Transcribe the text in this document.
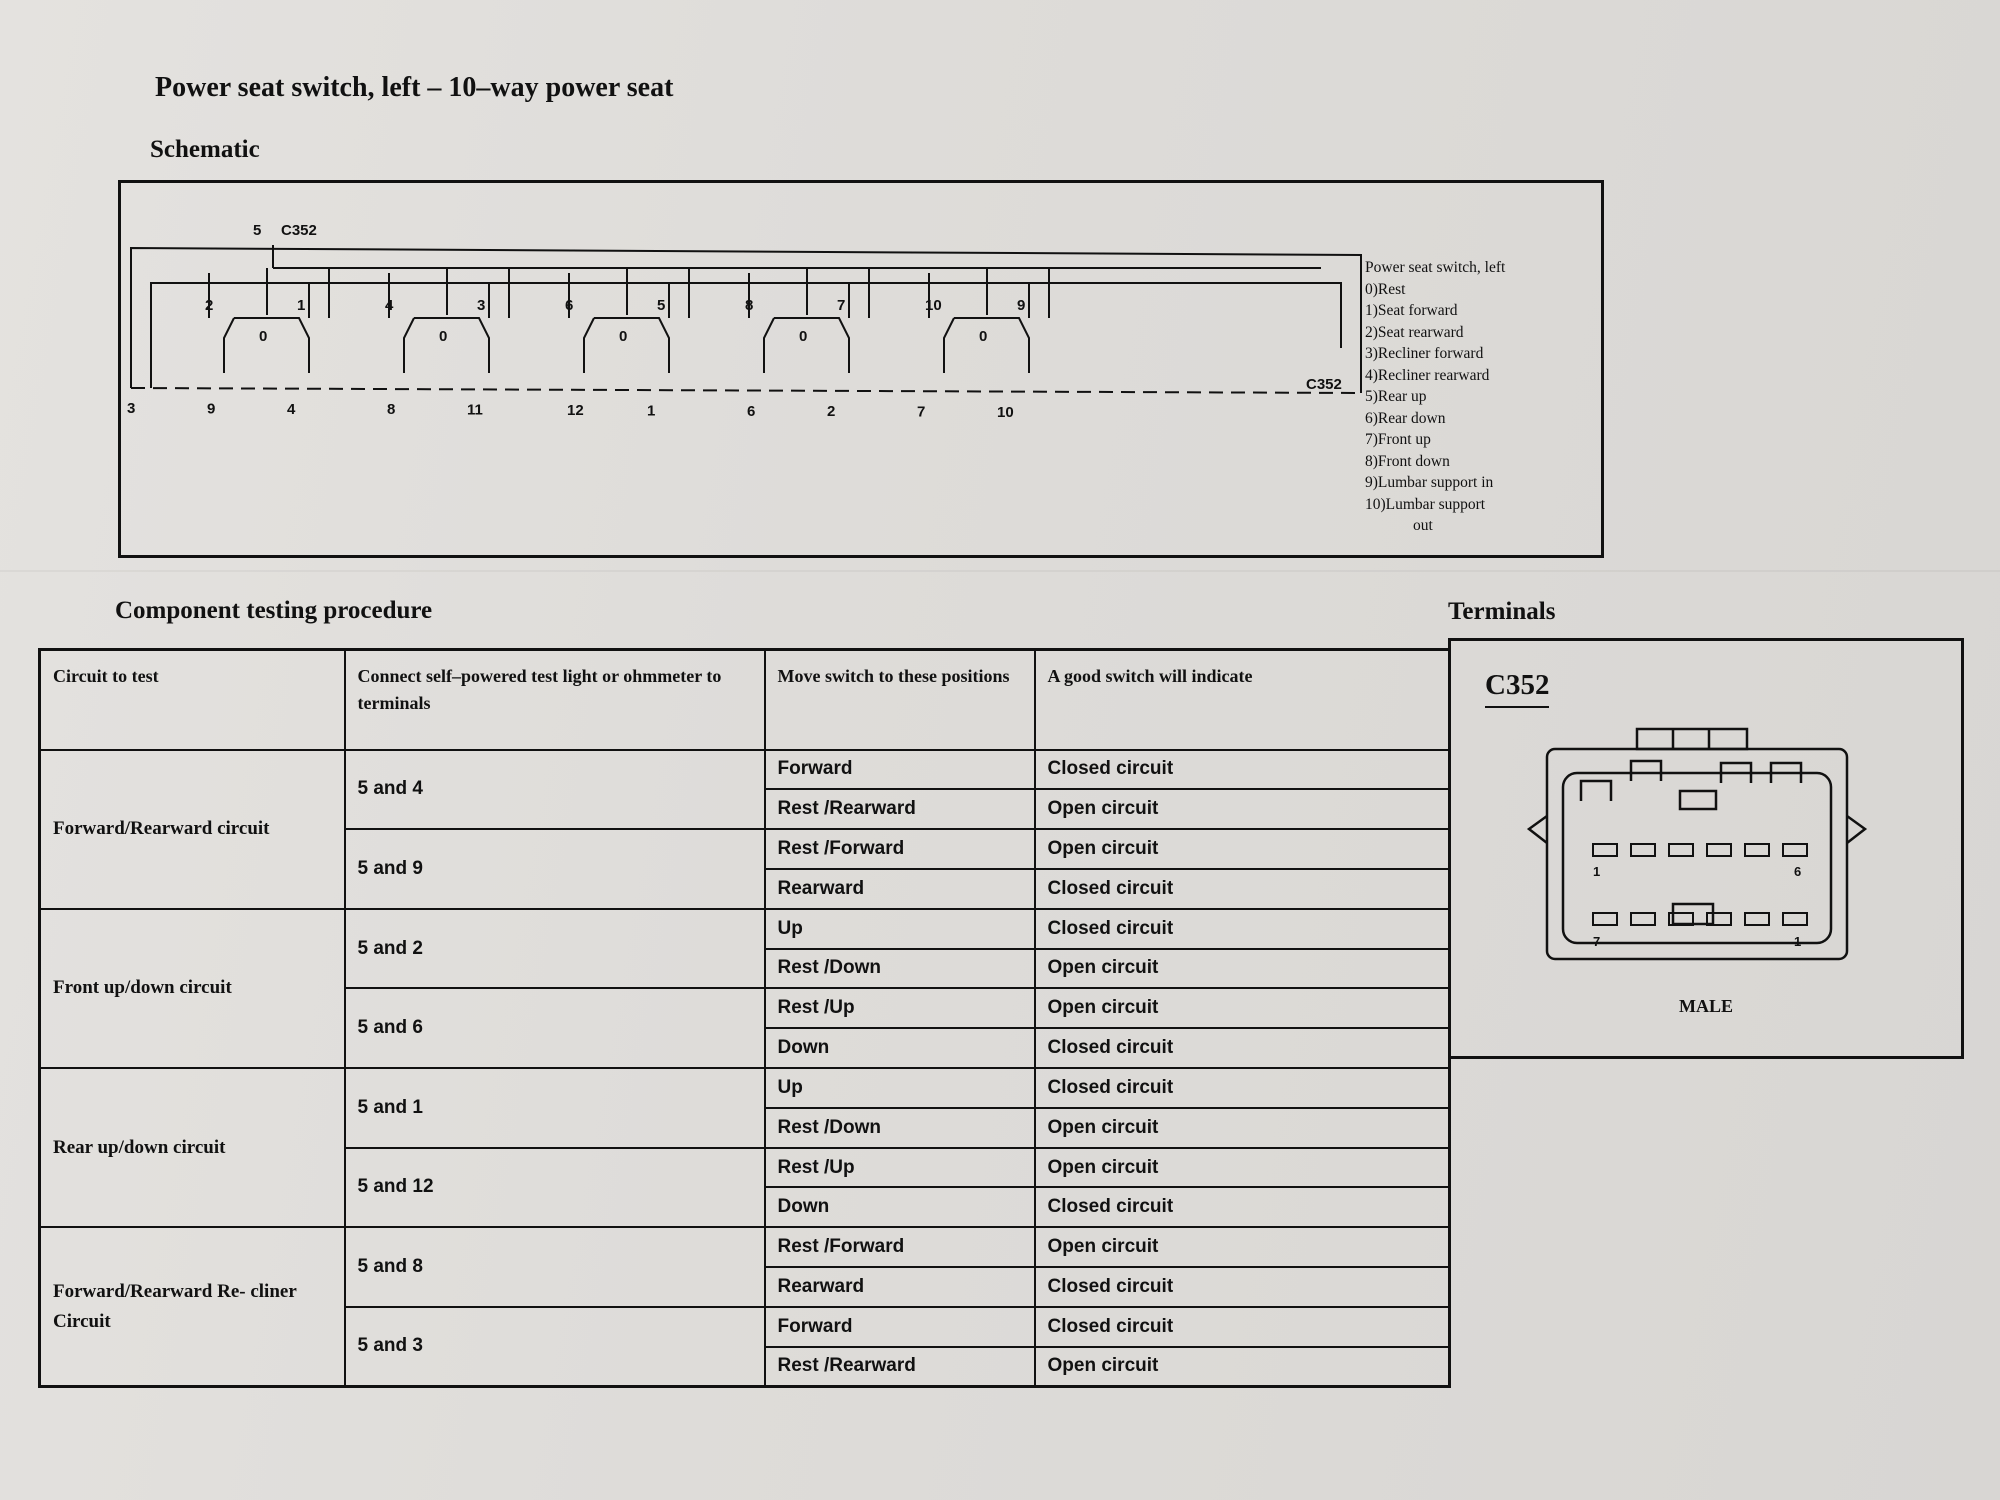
Power seat switch, left – 10–way power seat
Schematic
2	1
0
4	3
0
6	5
0
8	7
0
10	9
0
3	9	4	8	11	12	1	6	2	7	10
5 C352
C352
Power seat switch, left
0)Rest
1)Seat forward
2)Seat rearward
3)Recliner forward
4)Recliner rearward
5)Rear up
6)Rear down
7)Front up
8)Front down
9)Lumbar support in
10)Lumbar support
out
Component testing procedure	Terminals
Circuit to test	Connect self–powered test light or ohmmeter to terminals	Move switch to these positions	A good switch will indicate
Forward/Rearward circuit	5 and 4	Forward	Closed circuit
		Rest /Rearward	Open circuit
	5 and 9	Rest /Forward	Open circuit
		Rearward	Closed circuit
Front up/down circuit	5 and 2	Up	Closed circuit
		Rest /Down	Open circuit
	5 and 6	Rest /Up	Open circuit
		Down	Closed circuit
Rear up/down circuit	5 and 1	Up	Closed circuit
		Rest /Down	Open circuit
	5 and 12	Rest /Up	Open circuit
		Down	Closed circuit
Forward/Rearward Re- cliner Circuit	5 and 8	Rest /Forward	Open circuit
		Rearward	Closed circuit
	5 and 3	Forward	Closed circuit
		Rest /Rearward	Open circuit
C352
1	6
7	1
MALE
